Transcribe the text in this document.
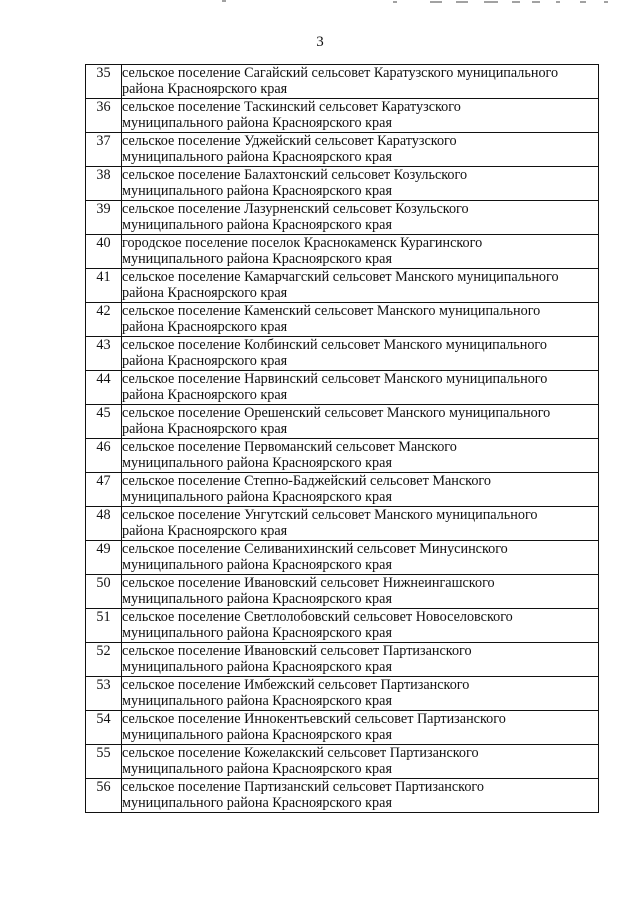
3
35	сельское поселение Сагайский сельсовет Каратузского муниципального
района Красноярского края

36	сельское поселение Таскинский сельсовет Каратузского
муниципального района Красноярского края

37	сельское поселение Уджейский сельсовет Каратузского
муниципального района Красноярского края

38	сельское поселение Балахтонский сельсовет Козульского
муниципального района Красноярского края

39	сельское поселение Лазурненский сельсовет Козульского
муниципального района Красноярского края

40	городское поселение поселок Краснокаменск Курагинского
муниципального района Красноярского края

41	сельское поселение Камарчагский сельсовет Манского муниципального
района Красноярского края

42	сельское поселение Каменский сельсовет Манского муниципального
района Красноярского края

43	сельское поселение Колбинский сельсовет Манского муниципального
района Красноярского края

44	сельское поселение Нарвинский сельсовет Манского муниципального
района Красноярского края

45	сельское поселение Орешенский сельсовет Манского муниципального
района Красноярского края

46	сельское поселение Первоманский сельсовет Манского
муниципального района Красноярского края

47	сельское поселение Степно-Баджейский сельсовет Манского
муниципального района Красноярского края

48	сельское поселение Унгутский сельсовет Манского муниципального
района Красноярского края

49	сельское поселение Селиванихинский сельсовет Минусинского
муниципального района Красноярского края

50	сельское поселение Ивановский сельсовет Нижнеингашского
муниципального района Красноярского края

51	сельское поселение Светлолобовский сельсовет Новоселовского
муниципального района Красноярского края

52	сельское поселение Ивановский сельсовет Партизанского
муниципального района Красноярского края

53	сельское поселение Имбежский сельсовет Партизанского
муниципального района Красноярского края

54	сельское поселение Иннокентьевский сельсовет Партизанского
муниципального района Красноярского края

55	сельское поселение Кожелакский сельсовет Партизанского
муниципального района Красноярского края

56	сельское поселение Партизанский сельсовет Партизанского
муниципального района Красноярского края
